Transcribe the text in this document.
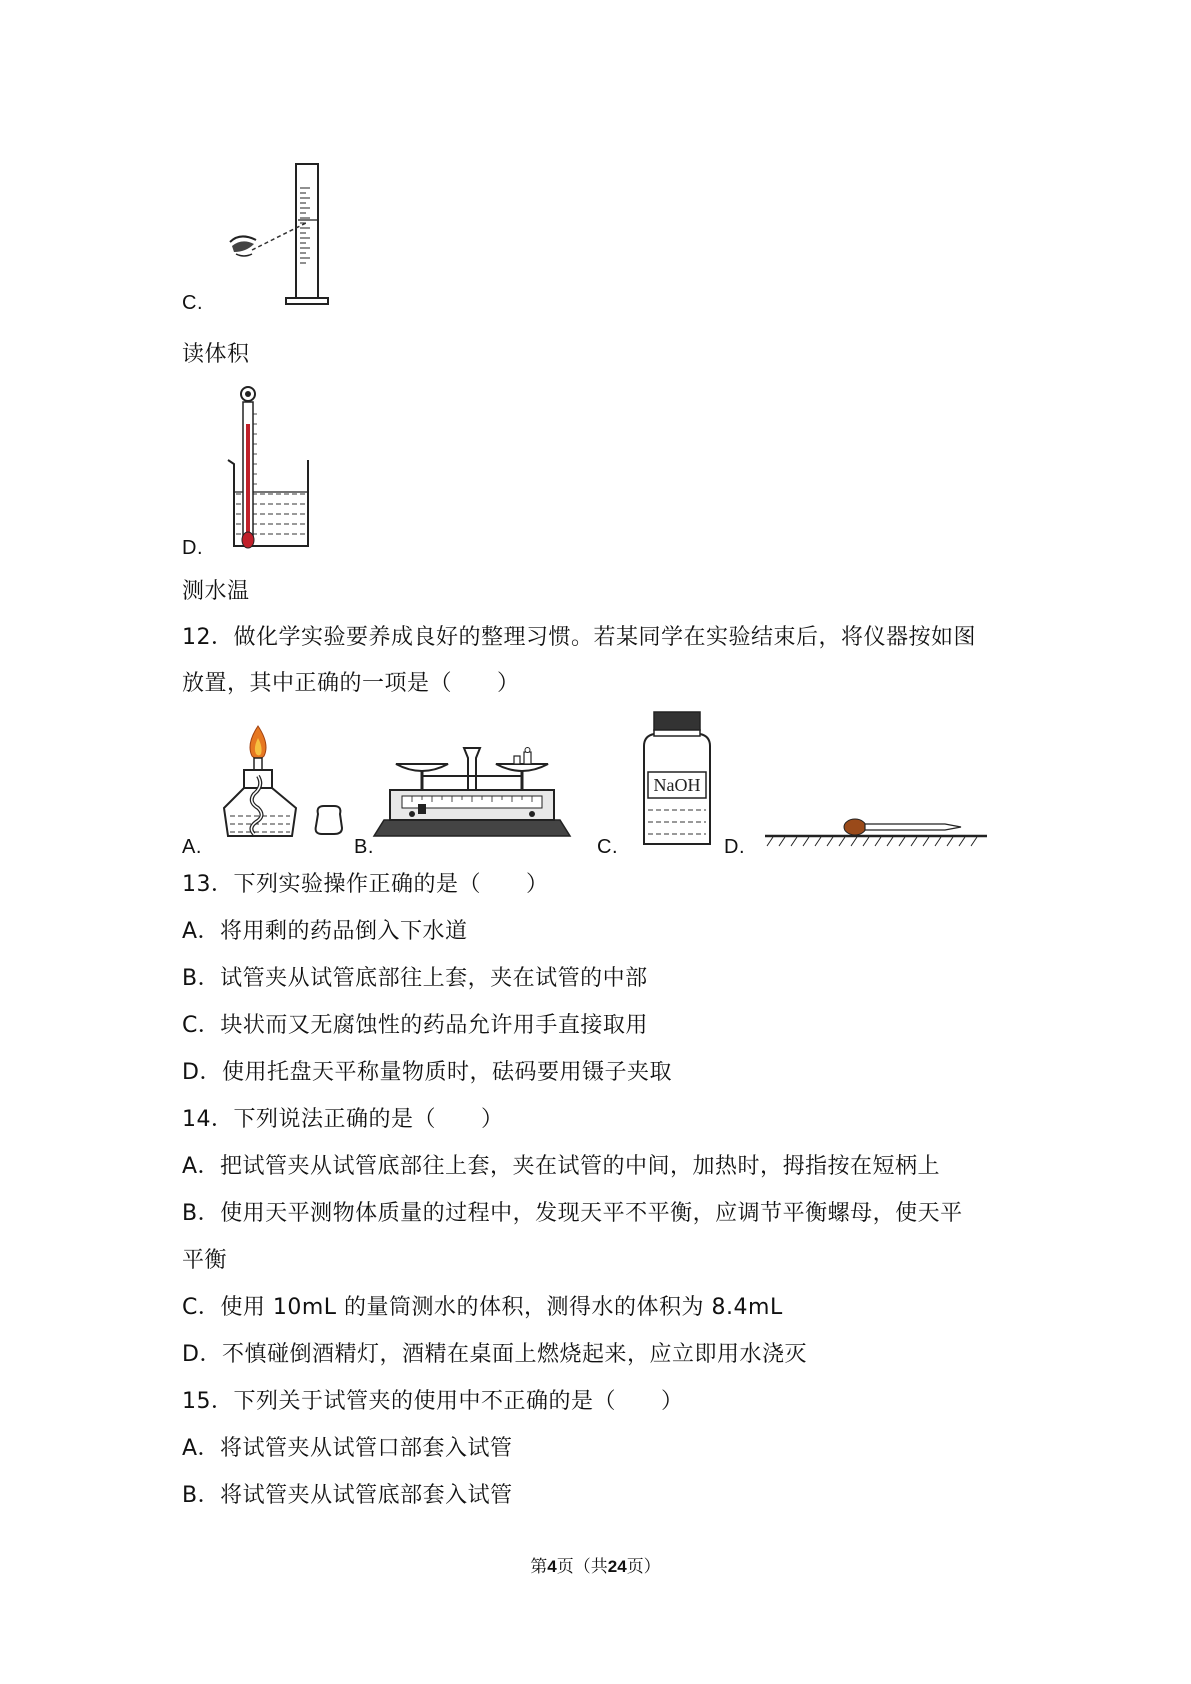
C.
读体积
D.
测水温
12．做化学实验要养成良好的整理习惯。若某同学在实验结束后，将仪器按如图
放置，其中正确的一项是（　　）
A.	B.	C.
NaOH
D.
13．下列实验操作正确的是（　　）
A．将用剩的药品倒入下水道
B．试管夹从试管底部往上套，夹在试管的中部
C．块状而又无腐蚀性的药品允许用手直接取用
D．使用托盘天平称量物质时，砝码要用镊子夹取
14．下列说法正确的是（　　）
A．把试管夹从试管底部往上套，夹在试管的中间，加热时，拇指按在短柄上
B．使用天平测物体质量的过程中，发现天平不平衡，应调节平衡螺母，使天平
平衡
C．使用 10mL 的量筒测水的体积，测得水的体积为 8.4mL
D．不慎碰倒酒精灯，酒精在桌面上燃烧起来，应立即用水浇灭
15．下列关于试管夹的使用中不正确的是（　　）
A．将试管夹从试管口部套入试管
B．将试管夹从试管底部套入试管
第4页（共24页）
